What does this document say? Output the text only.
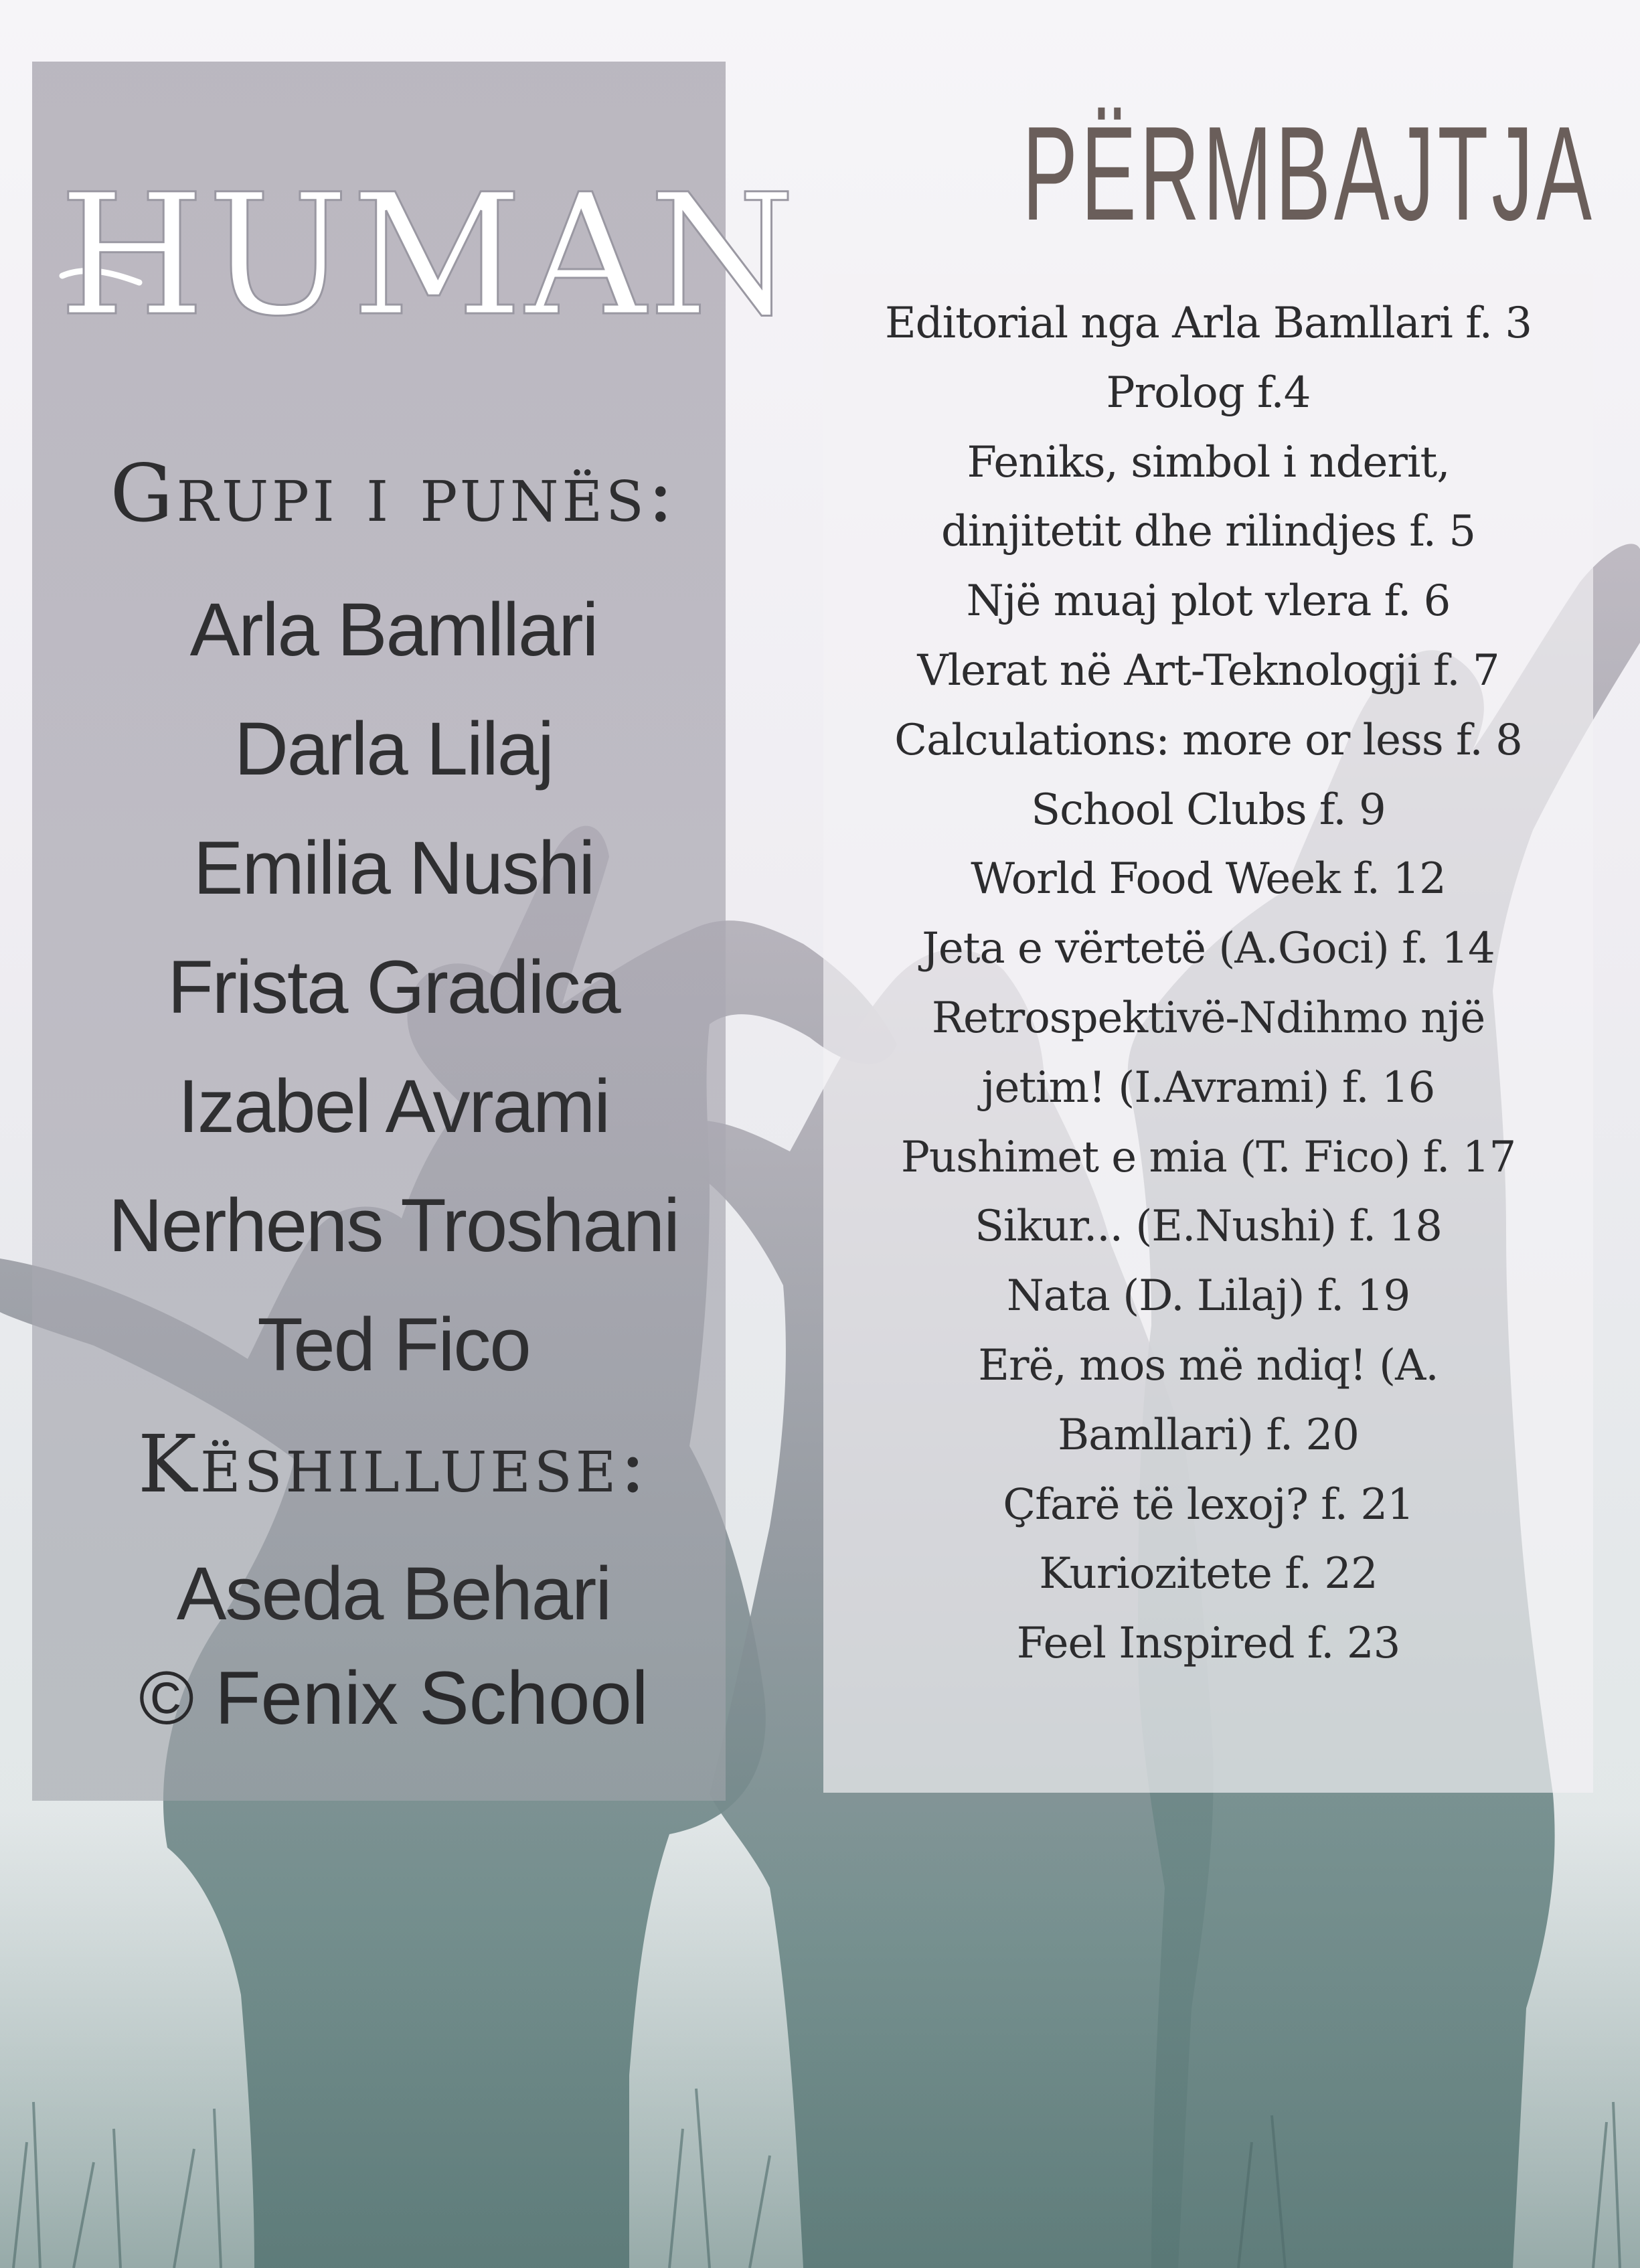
HUMAN
Grupi i punës:
Arla Bamllari
Darla Lilaj
Emilia Nushi
Frista Gradica
Izabel Avrami
Nerhens Troshani
Ted Fico
Këshilluese:
Aseda Behari
© Fenix School
PËRMBAJTJA
Editorial nga Arla Bamllari f. 3
Prolog f.4
Feniks, simbol i nderit,
dinjitetit dhe rilindjes f. 5
Një muaj plot vlera f. 6
Vlerat në Art-Teknologji f. 7
Calculations: more or less f. 8
School Clubs f. 9
World Food Week f. 12
Jeta e vërtetë (A.Goci) f. 14
Retrospektivë-Ndihmo një
jetim! (I.Avrami) f. 16
Pushimet e mia (T. Fico) f. 17
Sikur... (E.Nushi) f. 18
Nata (D. Lilaj) f. 19
Erë, mos më ndiq! (A.
Bamllari) f. 20
Çfarë të lexoj? f. 21
Kuriozitete f. 22
Feel Inspired f. 23
